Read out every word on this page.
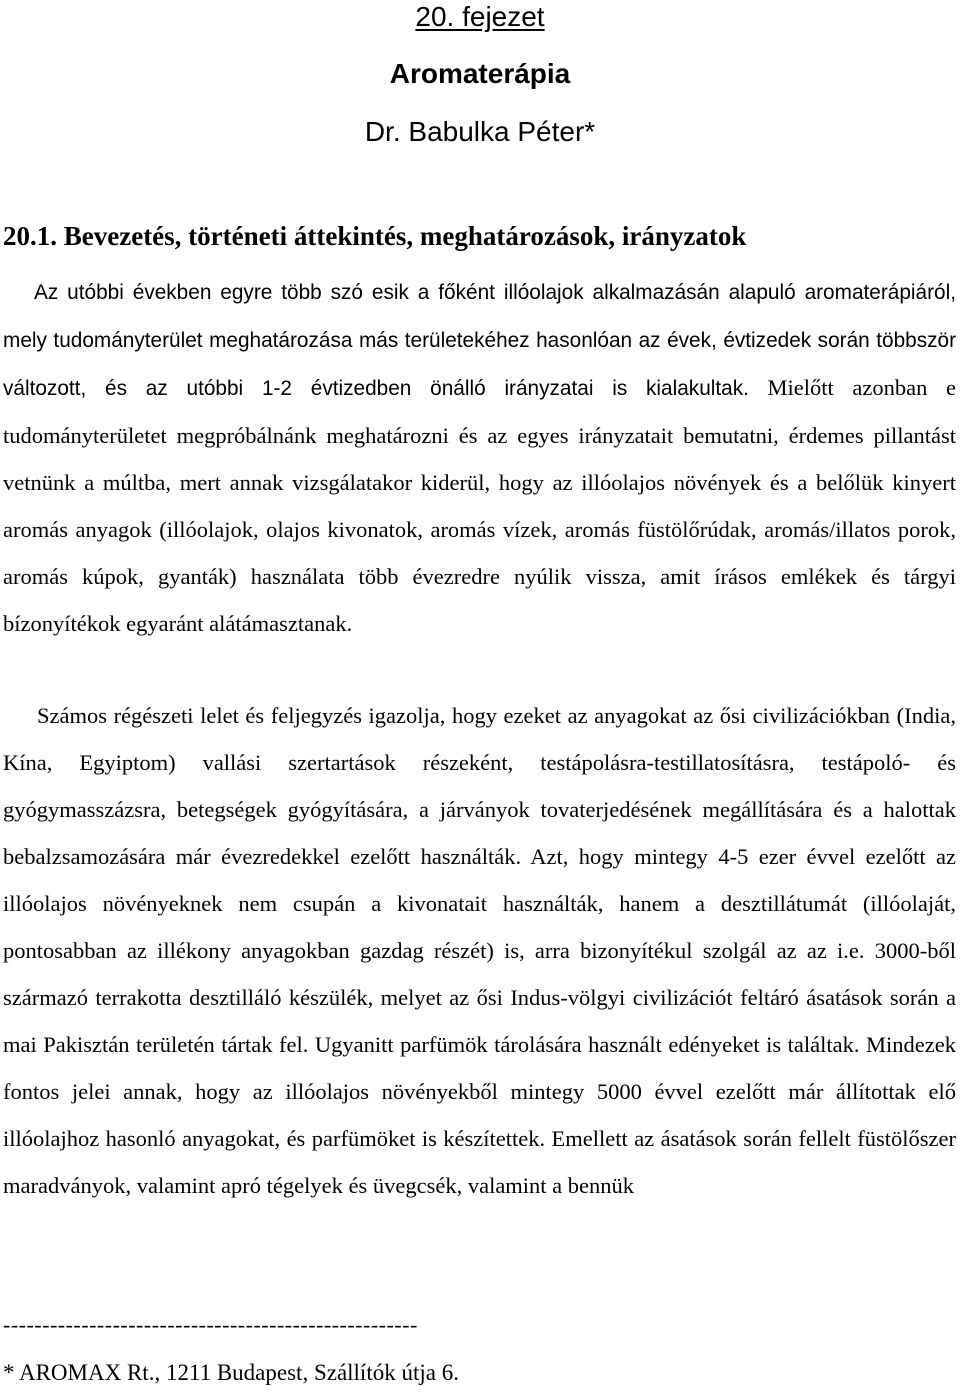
20. fejezet
Aromaterápia
Dr. Babulka Péter*
20.1. Bevezetés, történeti áttekintés, meghatározások, irányzatok

Az utóbbi években egyre több szó esik a főként illóolajok alkalmazásán alapuló aromaterápiáról, mely tudományterület meghatározása más területekéhez hasonlóan az évek, évtizedek során többször változott, és az utóbbi 1-2 évtizedben önálló irányzatai is kialakultak. Mielőtt azonban e tudományterületet megpróbálnánk meghatározni és az egyes irányzatait bemutatni, érdemes pillantást vetnünk a múltba, mert annak vizsgálatakor kiderül, hogy az illóolajos növények és a belőlük kinyert aromás anyagok (illóolajok, olajos kivonatok, aromás vízek, aromás füstölőrúdak, aromás/illatos porok, aromás kúpok, gyanták) használata több évezredre nyúlik vissza, amit írásos emlékek és tárgyi bízonyítékok egyaránt alátámasztanak.

Számos régészeti lelet és feljegyzés igazolja, hogy ezeket az anyagokat az ősi civilizációkban (India, Kína, Egyiptom) vallási szertartások részeként, testápolásra-testillatosításra, testápoló- és gyógymasszázsra, betegségek gyógyítására, a járványok tovaterjedésének megállítására és a halottak bebalzsamozására már évezredekkel ezelőtt használták. Azt, hogy mintegy 4-5 ezer évvel ezelőtt az illóolajos növényeknek nem csupán a kivonatait használták, hanem a desztillátumát (illóolaját, pontosabban az illékony anyagokban gazdag részét) is, arra bizonyítékul szolgál az az i.e. 3000-ből származó terrakotta desztilláló készülék, melyet az ősi Indus-völgyi civilizációt feltáró ásatások során a mai Pakisztán területén tártak fel. Ugyanitt parfümök tárolására használt edényeket is találtak. Mindezek fontos jelei annak, hogy az illóolajos növényekből mintegy 5000 évvel ezelőtt már állítottak elő illóolajhoz hasonló anyagokat, és parfümöket is készítettek. Emellett az ásatások során fellelt füstölőszer maradványok, valamint apró tégelyek és üvegcsék, valamint a bennük

-----------------------------------------------------
* AROMAX Rt., 1211 Budapest, Szállítók útja 6.
